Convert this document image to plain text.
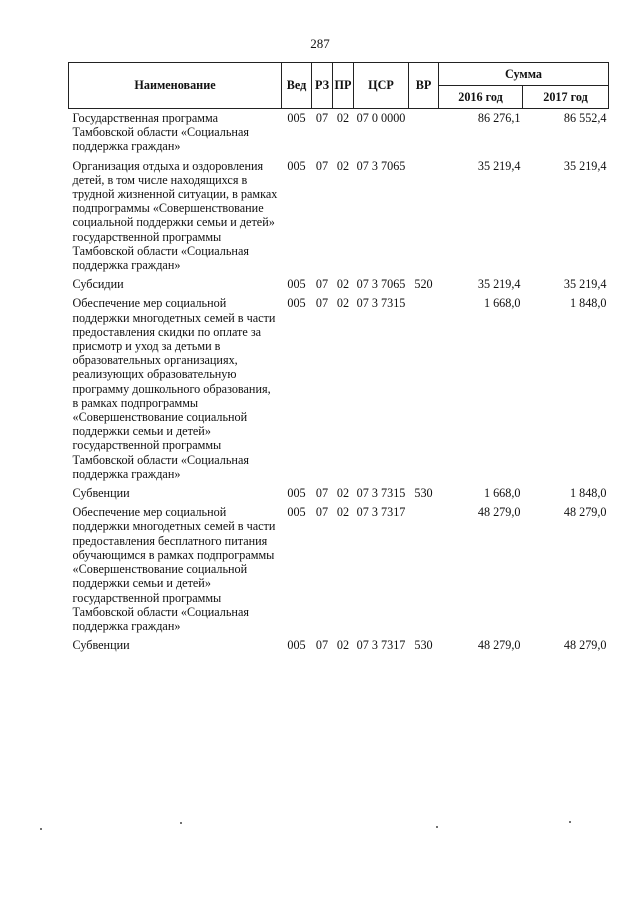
287
Наименование	Вед	РЗ	ПР	ЦСР	ВР	Сумма	
						2016 год	2017 год
Государственная программа Тамбовской области «Социальная поддержка граждан»	005	07	02	07 0 0000		86 276,1	86 552,4
Организация отдыха и оздоровления детей, в том числе находящихся в трудной жизненной ситуации, в рамках подпрограммы «Совершенствование социальной поддержки семьи и детей» государственной программы Тамбовской области «Социальная поддержка граждан»	005	07	02	07 3 7065		35 219,4	35 219,4
Субсидии	005	07	02	07 3 7065	520	35 219,4	35 219,4
Обеспечение мер социальной поддержки многодетных семей в части предоставления скидки по оплате за присмотр и уход за детьми в образовательных организациях, реализующих образовательную программу дошкольного образования, в рамках подпрограммы «Совершенствование социальной поддержки семьи и детей» государственной программы Тамбовской области «Социальная поддержка граждан»	005	07	02	07 3 7315		1 668,0	1 848,0
Субвенции	005	07	02	07 3 7315	530	1 668,0	1 848,0
Обеспечение мер социальной поддержки многодетных семей в части предоставления бесплатного питания обучающимся в рамках подпрограммы «Совершенствование социальной поддержки семьи и детей» государственной программы Тамбовской области «Социальная поддержка граждан»	005	07	02	07 3 7317		48 279,0	48 279,0
Субвенции	005	07	02	07 3 7317	530	48 279,0	48 279,0
